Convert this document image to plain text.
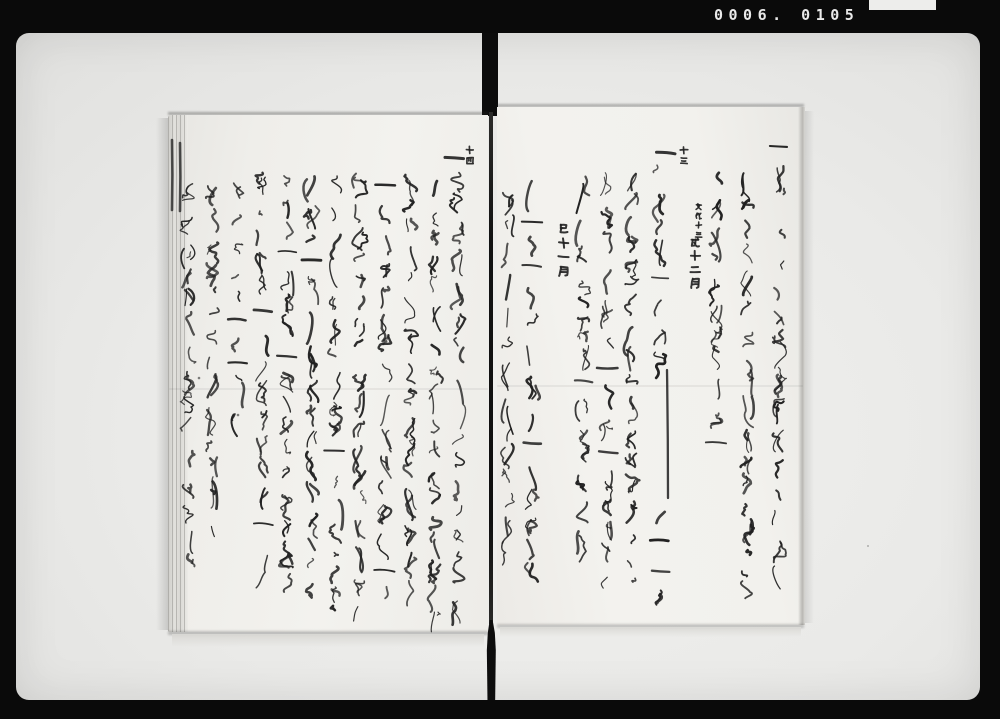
0006. 0105
